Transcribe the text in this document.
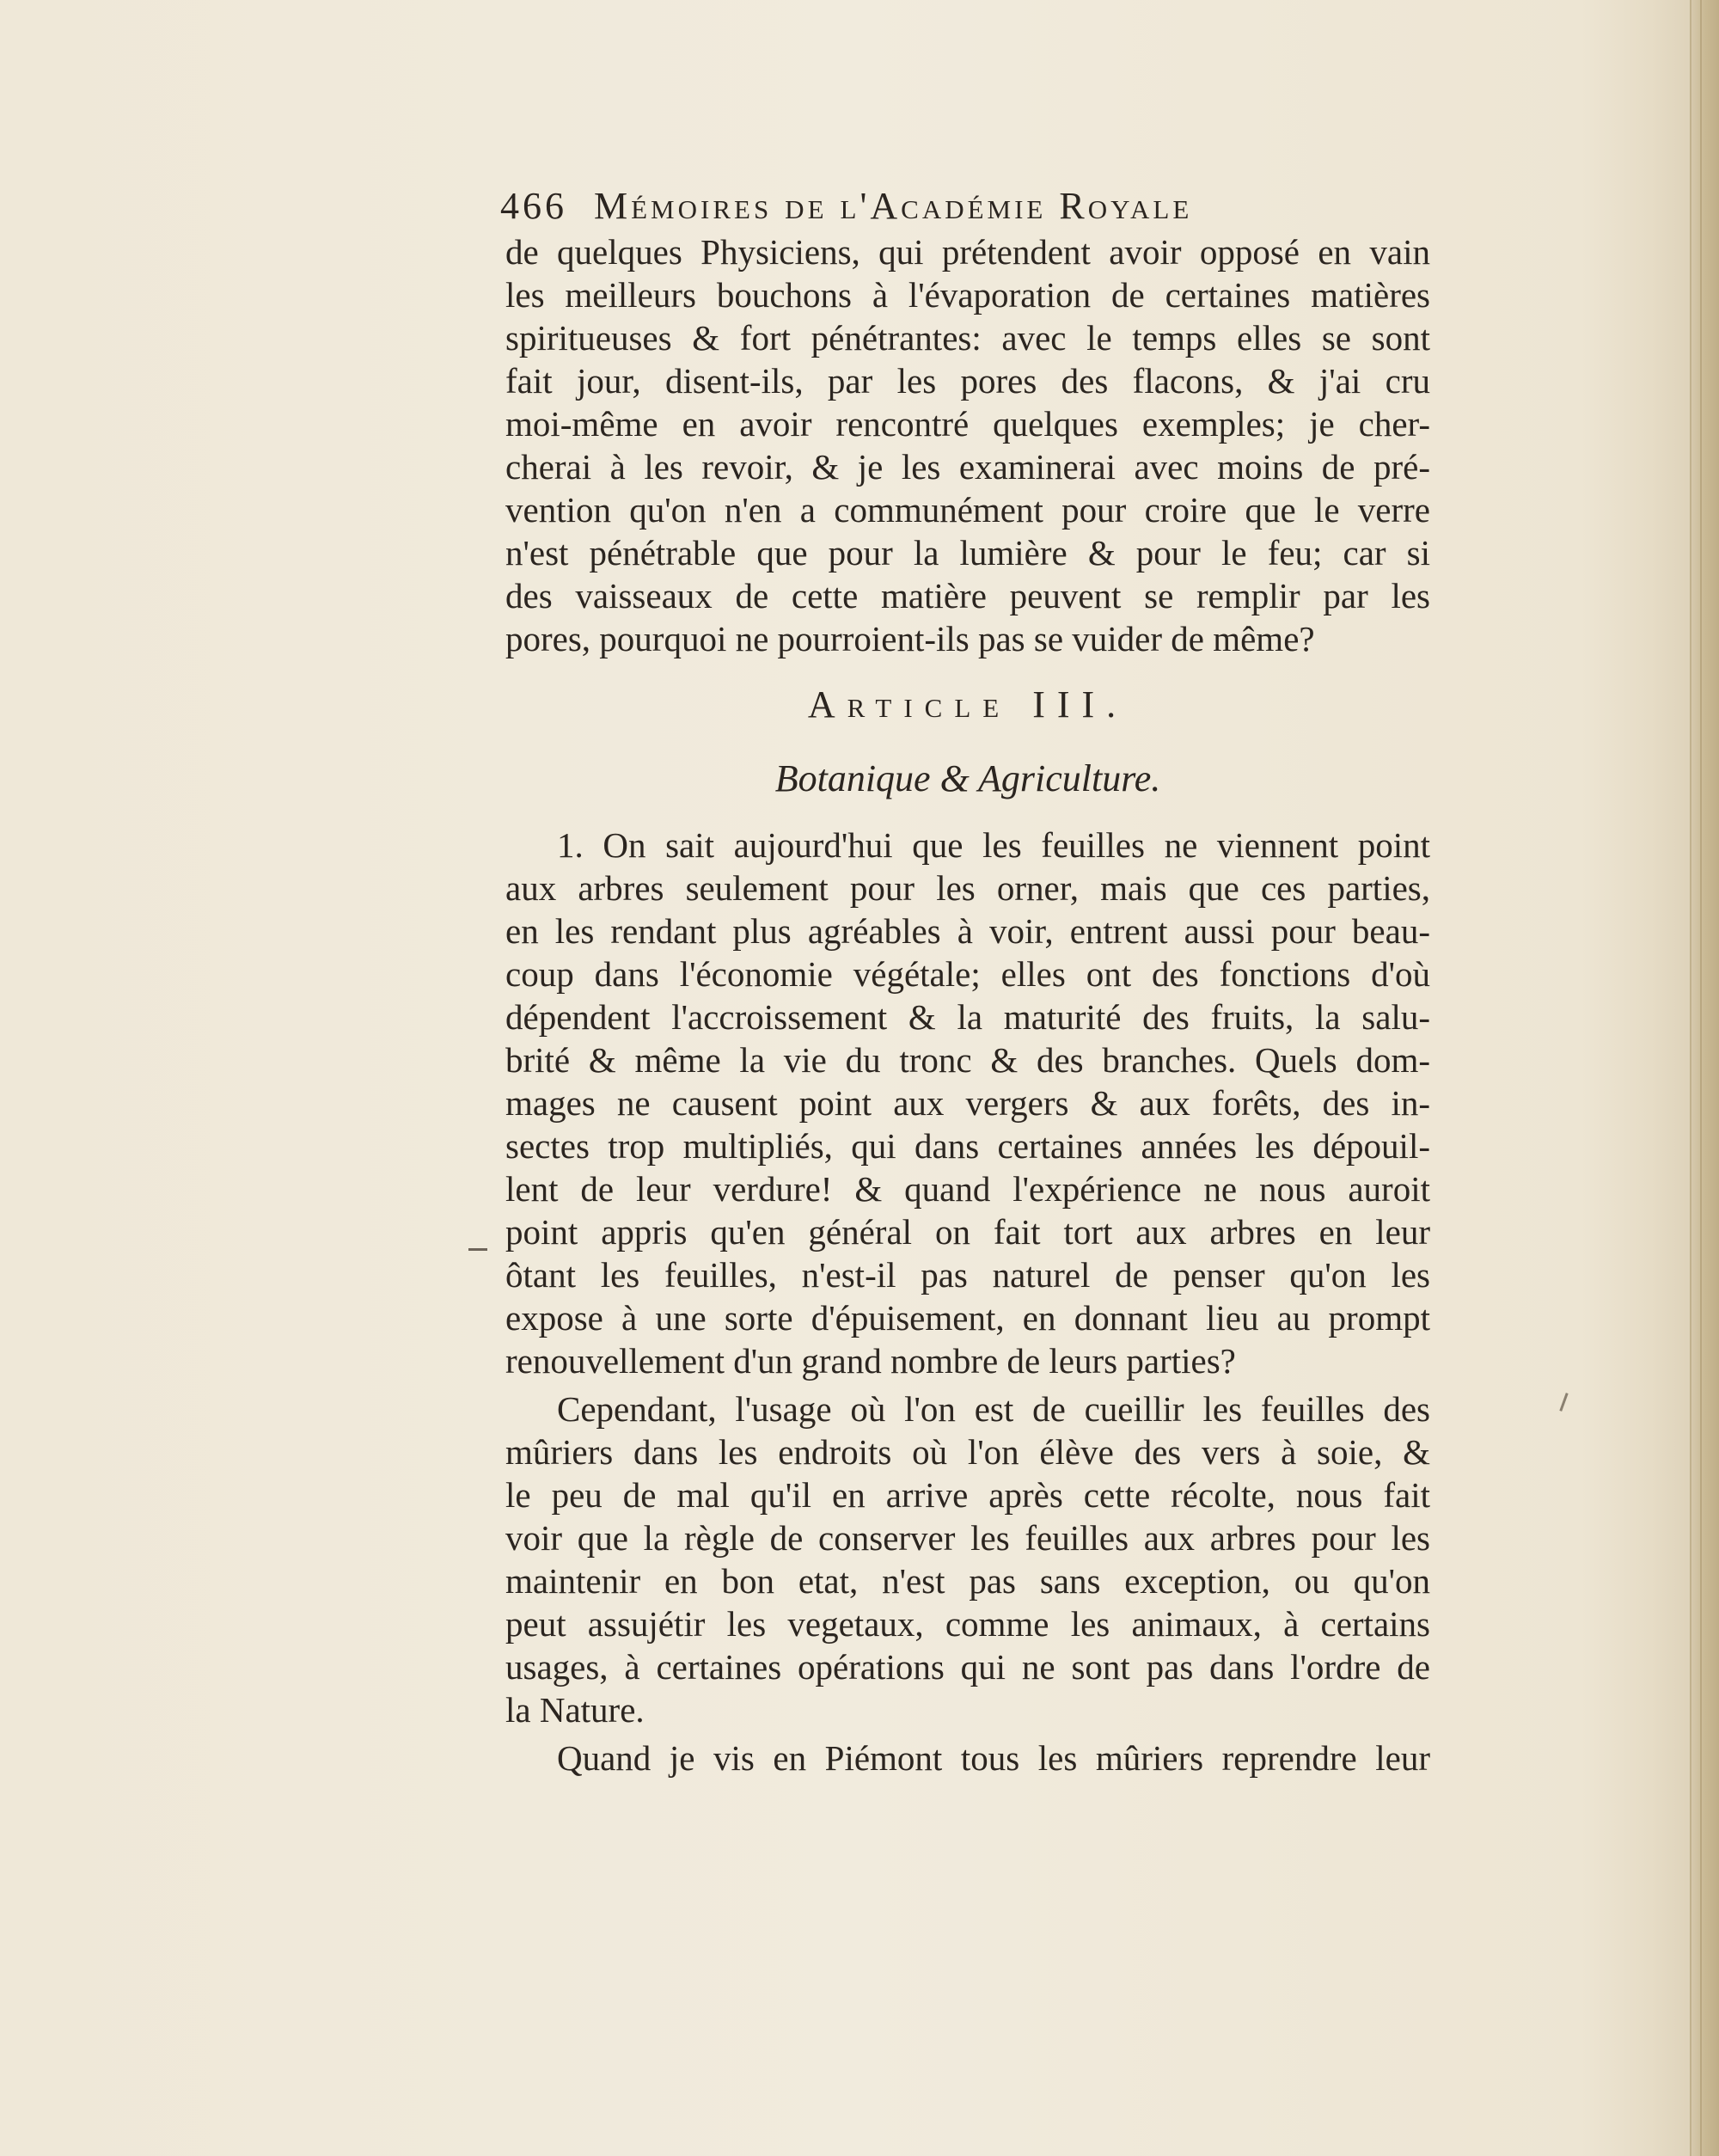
466 Mémoires de l'Académie Royale
de quelques Physiciens, qui prétendent avoir opposé en vain
les meilleurs bouchons à l'évaporation de certaines matières
spiritueuses & fort pénétrantes: avec le temps elles se sont
fait jour, disent-ils, par les pores des flacons, & j'ai cru
moi-même en avoir rencontré quelques exemples; je cher-
cherai à les revoir, & je les examinerai avec moins de pré-
vention qu'on n'en a communément pour croire que le verre
n'est pénétrable que pour la lumière & pour le feu; car si
des vaisseaux de cette matière peuvent se remplir par les
pores, pourquoi ne pourroient-ils pas se vuider de même?
Article III.
Botanique & Agriculture.
1. On sait aujourd'hui que les feuilles ne viennent point
aux arbres seulement pour les orner, mais que ces parties,
en les rendant plus agréables à voir, entrent aussi pour beau-
coup dans l'économie végétale; elles ont des fonctions d'où
dépendent l'accroissement & la maturité des fruits, la salu-
brité & même la vie du tronc & des branches. Quels dom-
mages ne causent point aux vergers & aux forêts, des in-
sectes trop multipliés, qui dans certaines années les dépouil-
lent de leur verdure! & quand l'expérience ne nous auroit
point appris qu'en général on fait tort aux arbres en leur
ôtant les feuilles, n'est-il pas naturel de penser qu'on les
expose à une sorte d'épuisement, en donnant lieu au prompt
renouvellement d'un grand nombre de leurs parties?
Cependant, l'usage où l'on est de cueillir les feuilles des
mûriers dans les endroits où l'on élève des vers à soie, &
le peu de mal qu'il en arrive après cette récolte, nous fait
voir que la règle de conserver les feuilles aux arbres pour les
maintenir en bon etat, n'est pas sans exception, ou qu'on
peut assujétir les vegetaux, comme les animaux, à certains
usages, à certaines opérations qui ne sont pas dans l'ordre de
la Nature.
Quand je vis en Piémont tous les mûriers reprendre leur
